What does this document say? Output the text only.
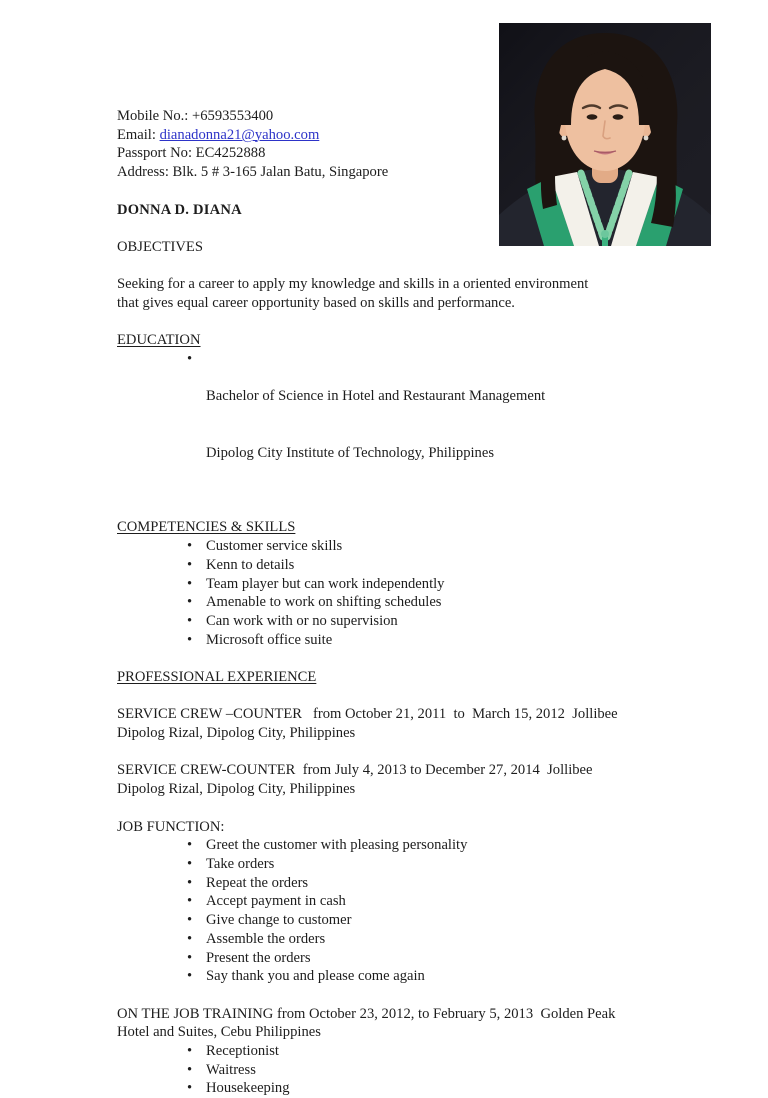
Mobile No.: +6593553400
Email: dianadonna21@yahoo.com
Passport No: EC4252888
Address: Blk. 5 # 3-165 Jalan Batu, Singapore
DONNA D. DIANA
OBJECTIVES
Seeking for a career to apply my knowledge and skills in a oriented environment
that gives equal career opportunity based on skills and performance.
EDUCATION

• Bachelor of Science in Hotel and Restaurant Management

Dipolog City Institute of Technology, Philippines

COMPETENCIES & SKILLS
• Customer service skills
• Kenn to details
• Team player but can work independently
• Amenable to work on shifting schedules
• Can work with or no supervision
• Microsoft office suite
PROFESSIONAL EXPERIENCE
SERVICE CREW –COUNTER   from October 21, 2011  to  March 15, 2012  Jollibee
Dipolog Rizal, Dipolog City, Philippines
SERVICE CREW-COUNTER  from July 4, 2013 to December 27, 2014  Jollibee
Dipolog Rizal, Dipolog City, Philippines
JOB FUNCTION:
• Greet the customer with pleasing personality
• Take orders
• Repeat the orders
• Accept payment in cash
• Give change to customer
• Assemble the orders
• Present the orders
• Say thank you and please come again
ON THE JOB TRAINING from October 23, 2012, to February 5, 2013  Golden Peak
Hotel and Suites, Cebu Philippines
• Receptionist
• Waitress
• Housekeeping
